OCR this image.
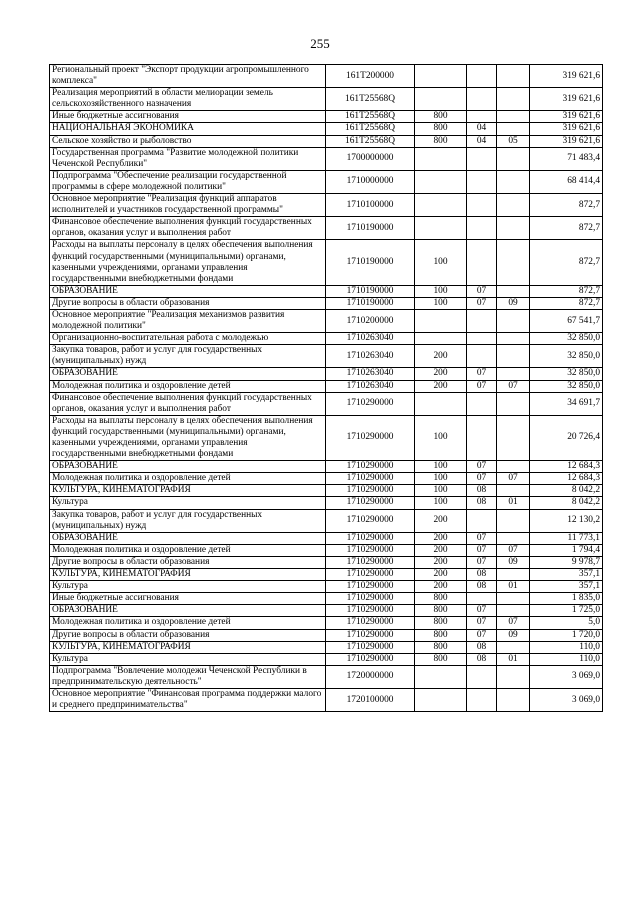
255
Региональный проект "Экспорт продукции агропромышленного комплекса"	161T200000				319 621,6
Реализация мероприятий в области мелиорации земель сельскохозяйственного назначения	161T25568Q				319 621,6
Иные бюджетные ассигнования	161T25568Q	800			319 621,6
НАЦИОНАЛЬНАЯ ЭКОНОМИКА	161T25568Q	800	04		319 621,6
Сельское хозяйство и рыболовство	161T25568Q	800	04	05	319 621,6
Государственная программа "Развитие молодежной политики Чеченской Республики"	1700000000				71 483,4
Подпрограмма "Обеспечение реализации государственной программы в сфере молодежной политики"	1710000000				68 414,4
Основное мероприятие "Реализация функций аппаратов исполнителей и участников государственной программы"	1710100000				872,7
Финансовое обеспечение выполнения функций государственных органов, оказания услуг и выполнения работ	1710190000				872,7
Расходы на выплаты персоналу в целях обеспечения выполнения функций государственными (муниципальными) органами, казенными учреждениями, органами управления государственными внебюджетными фондами	1710190000	100			872,7
ОБРАЗОВАНИЕ	1710190000	100	07		872,7
Другие вопросы в области образования	1710190000	100	07	09	872,7
Основное мероприятие "Реализация механизмов развития молодежной политики"	1710200000				67 541,7
Организационно-воспитательная работа с молодежью	1710263040				32 850,0
Закупка товаров, работ и услуг для государственных (муниципальных) нужд	1710263040	200			32 850,0
ОБРАЗОВАНИЕ	1710263040	200	07		32 850,0
Молодежная политика и оздоровление детей	1710263040	200	07	07	32 850,0
Финансовое обеспечение выполнения функций государственных органов, оказания услуг и выполнения работ	1710290000				34 691,7
Расходы на выплаты персоналу в целях обеспечения выполнения функций государственными (муниципальными) органами, казенными учреждениями, органами управления государственными внебюджетными фондами	1710290000	100			20 726,4
ОБРАЗОВАНИЕ	1710290000	100	07		12 684,3
Молодежная политика и оздоровление детей	1710290000	100	07	07	12 684,3
КУЛЬТУРА, КИНЕМАТОГРАФИЯ	1710290000	100	08		8 042,2
Культура	1710290000	100	08	01	8 042,2
Закупка товаров, работ и услуг для государственных (муниципальных) нужд	1710290000	200			12 130,2
ОБРАЗОВАНИЕ	1710290000	200	07		11 773,1
Молодежная политика и оздоровление детей	1710290000	200	07	07	1 794,4
Другие вопросы в области образования	1710290000	200	07	09	9 978,7
КУЛЬТУРА, КИНЕМАТОГРАФИЯ	1710290000	200	08		357,1
Культура	1710290000	200	08	01	357,1
Иные бюджетные ассигнования	1710290000	800			1 835,0
ОБРАЗОВАНИЕ	1710290000	800	07		1 725,0
Молодежная политика и оздоровление детей	1710290000	800	07	07	5,0
Другие вопросы в области образования	1710290000	800	07	09	1 720,0
КУЛЬТУРА, КИНЕМАТОГРАФИЯ	1710290000	800	08		110,0
Культура	1710290000	800	08	01	110,0
Подпрограмма "Вовлечение молодежи Чеченской Республики в предпринимательскую деятельность"	1720000000				3 069,0
Основное мероприятие "Финансовая программа поддержки малого и среднего предпринимательства"	1720100000				3 069,0
